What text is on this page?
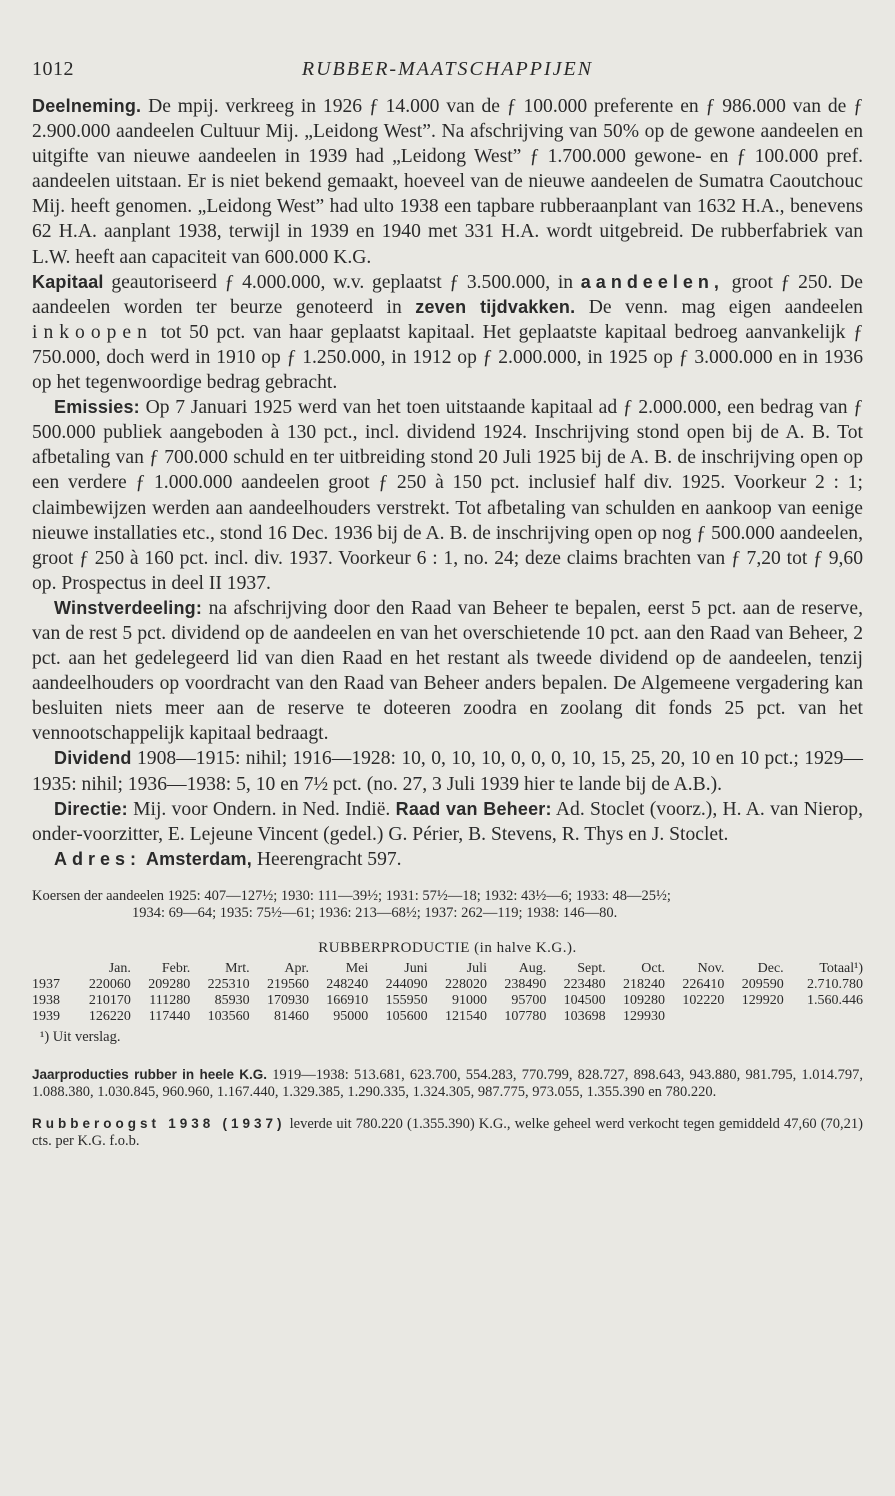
1012	RUBBER-MAATSCHAPPIJEN

Deelneming. De mpij. verkreeg in 1926 ƒ 14.000 van de ƒ 100.000 preferente en ƒ 986.000 van de ƒ 2.900.000 aandeelen Cultuur Mij. „Leidong West”. Na afschrijving van 50% op de gewone aandeelen en uitgifte van nieuwe aandeelen in 1939 had „Leidong West” ƒ 1.700.000 gewone- en ƒ 100.000 pref. aandeelen uitstaan. Er is niet bekend gemaakt, hoeveel van de nieuwe aandeelen de Sumatra Caoutchouc Mij. heeft genomen. „Leidong West” had ulto 1938 een tapbare rubberaanplant van 1632 H.A., benevens 62 H.A. aanplant 1938, terwijl in 1939 en 1940 met 331 H.A. wordt uitgebreid. De rubberfabriek van L.W. heeft aan capaciteit van 600.000 K.G.

Kapitaal geautoriseerd ƒ 4.000.000, w.v. geplaatst ƒ 3.500.000, in aandeelen, groot ƒ 250. De aandeelen worden ter beurze genoteerd in zeven tijdvakken. De venn. mag eigen aandeelen inkoopen tot 50 pct. van haar geplaatst kapitaal. Het geplaatste kapitaal bedroeg aanvankelijk ƒ 750.000, doch werd in 1910 op ƒ 1.250.000, in 1912 op ƒ 2.000.000, in 1925 op ƒ 3.000.000 en in 1936 op het tegenwoordige bedrag gebracht.

Emissies: Op 7 Januari 1925 werd van het toen uitstaande kapitaal ad ƒ 2.000.000, een bedrag van ƒ 500.000 publiek aangeboden à 130 pct., incl. dividend 1924. Inschrijving stond open bij de A. B. Tot afbetaling van ƒ 700.000 schuld en ter uitbreiding stond 20 Juli 1925 bij de A. B. de inschrijving open op een verdere ƒ 1.000.000 aandeelen groot ƒ 250 à 150 pct. inclusief half div. 1925. Voorkeur 2 : 1; claimbewijzen werden aan aandeelhouders verstrekt. Tot afbetaling van schulden en aankoop van eenige nieuwe installaties etc., stond 16 Dec. 1936 bij de A. B. de inschrijving open op nog ƒ 500.000 aandeelen, groot ƒ 250 à 160 pct. incl. div. 1937. Voorkeur 6 : 1, no. 24; deze claims brachten van ƒ 7,20 tot ƒ 9,60 op. Prospectus in deel II 1937.

Winstverdeeling: na afschrijving door den Raad van Beheer te bepalen, eerst 5 pct. aan de reserve, van de rest 5 pct. dividend op de aandeelen en van het overschietende 10 pct. aan den Raad van Beheer, 2 pct. aan het gedelegeerd lid van dien Raad en het restant als tweede dividend op de aandeelen, tenzij aandeelhouders op voordracht van den Raad van Beheer anders bepalen. De Algemeene vergadering kan besluiten niets meer aan de reserve te doteeren zoodra en zoolang dit fonds 25 pct. van het vennootschappelijk kapitaal bedraagt.

Dividend 1908—1915: nihil; 1916—1928: 10, 0, 10, 10, 0, 0, 0, 10, 15, 25, 20, 10 en 10 pct.; 1929—1935: nihil; 1936—1938: 5, 10 en 7½ pct. (no. 27, 3 Juli 1939 hier te lande bij de A.B.).

Directie: Mij. voor Ondern. in Ned. Indië. Raad van Beheer: Ad. Stoclet (voorz.), H. A. van Nierop, onder-voorzitter, E. Lejeune Vincent (gedel.) G. Périer, B. Stevens, R. Thys en J. Stoclet.

Adres: Amsterdam, Heerengracht 597.

Koersen der aandeelen 1925: 407—127½; 1930: 111—39½; 1931: 57½—18; 1932: 43½—6; 1933: 48—25½;
1934: 69—64; 1935: 75½—61; 1936: 213—68½; 1937: 262—119; 1938: 146—80.
RUBBERPRODUCTIE (in halve K.G.).
	Jan.	Febr.	Mrt.	Apr.	Mei	Juni	Juli	Aug.	Sept.	Oct.	Nov.	Dec.	Totaal¹)
1937	220060	209280	225310	219560	248240	244090	228020	238490	223480	218240	226410	209590	2.710.780
1938	210170	111280	85930	170930	166910	155950	91000	95700	104500	109280	102220	129920	1.560.446
1939	126220	117440	103560	81460	95000	105600	121540	107780	103698	129930			
¹) Uit verslag.

Jaarproducties rubber in heele K.G. 1919—1938: 513.681, 623.700, 554.283, 770.799, 828.727, 898.643, 943.880, 981.795, 1.014.797, 1.088.380, 1.030.845, 960.960, 1.167.440, 1.329.385, 1.290.335, 1.324.305, 987.775, 973.055, 1.355.390 en 780.220.

Rubberoogst 1938 (1937) leverde uit 780.220 (1.355.390) K.G., welke geheel werd verkocht tegen gemiddeld 47,60 (70,21) cts. per K.G. f.o.b.
